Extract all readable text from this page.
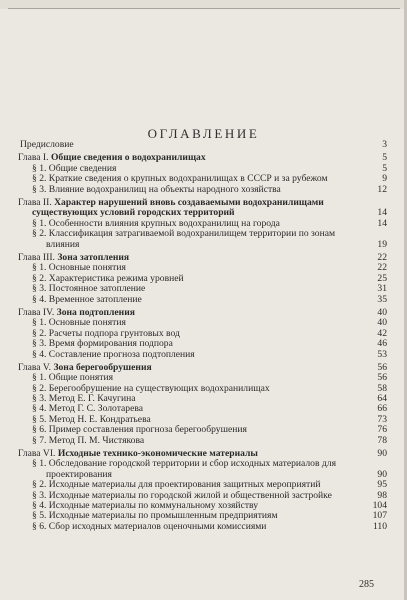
ОГЛАВЛЕНИЕ
Предисловие	3
Глава I. Общие сведения о водохранилищах	5
§ 1. Общие сведения	5
§ 2. Краткие сведения о крупных водохранилищах в СССР и за рубежом	9
§ 3. Влияние водохранилищ на объекты народного хозяйства	12
Глава II. Характер нарушений вновь создаваемыми водохранилищами существующих условий городских территорий	14
§ 1. Особенности влияния крупных водохранилищ на города	14
§ 2. Классификация затрагиваемой водохранилищем территории по зонам влияния	19
Глава III. Зона затопления	22
§ 1. Основные понятия	22
§ 2. Характеристика режима уровней	25
§ 3. Постоянное затопление	31
§ 4. Временное затопление	35
Глава IV. Зона подтопления	40
§ 1. Основные понятия	40
§ 2. Расчеты подпора грунтовых вод	42
§ 3. Время формирования подпора	46
§ 4. Составление прогноза подтопления	53
Глава V. Зона берегообрушения	56
§ 1. Общие понятия	56
§ 2. Берегообрушение на существующих водохранилищах	58
§ 3. Метод Е. Г. Качугина	64
§ 4. Метод Г. С. Золотарева	66
§ 5. Метод Н. Е. Кондратьева	73
§ 6. Пример составления прогноза берегообрушения	76
§ 7. Метод П. М. Чистякова	78
Глава VI. Исходные технико-экономические материалы	90
§ 1. Обследование городской территории и сбор исходных материалов для проектирования	90
§ 2. Исходные материалы для проектирования защитных мероприятий	95
§ 3. Исходные материалы по городской жилой и общественной застройке	98
§ 4. Исходные материалы по коммунальному хозяйству	104
§ 5. Исходные материалы по промышленным предприятиям	107
§ 6. Сбор исходных материалов оценочными комиссиями	110
285
